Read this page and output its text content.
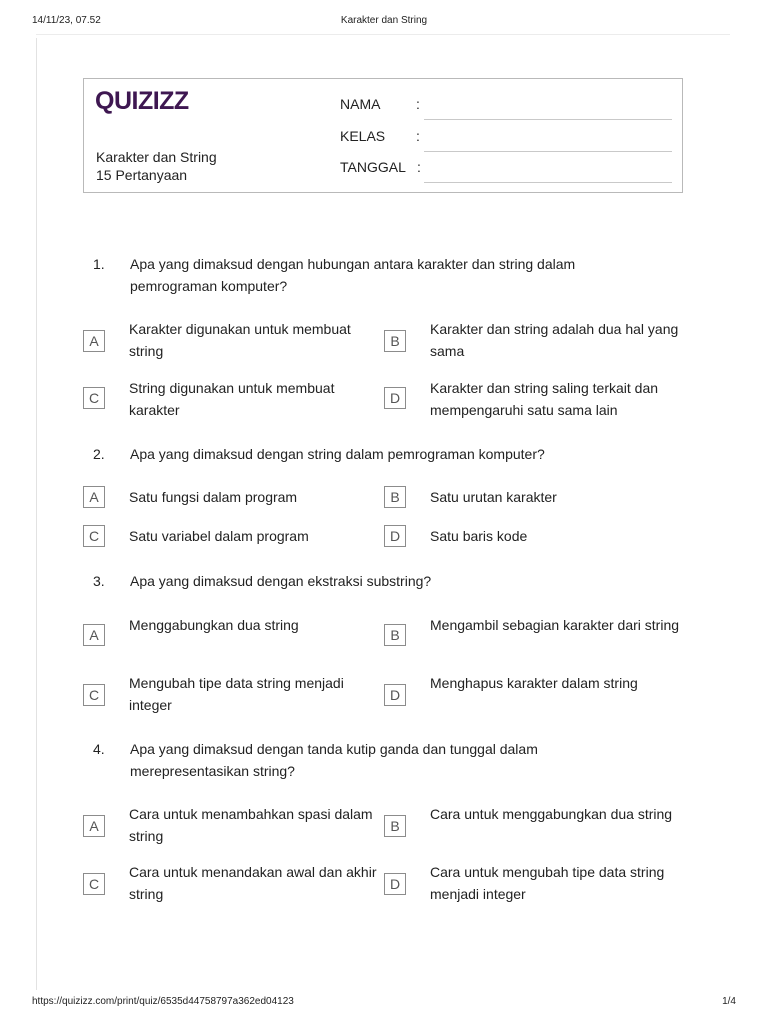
14/11/23, 07.52	Karakter dan String
QUIZIZZ
Karakter dan String
15 Pertanyaan
NAMA	:
KELAS :
TANGGAL :
1. Apa yang dimaksud dengan hubungan antara karakter dan string dalam pemrograman komputer?
A
Karakter digunakan untuk membuat string
B
Karakter dan string adalah dua hal yang sama
C
String digunakan untuk membuat karakter
D
Karakter dan string saling terkait dan mempengaruhi satu sama lain
2. Apa yang dimaksud dengan string dalam pemrograman komputer?
A	Satu fungsi dalam program	B	Satu urutan karakter
C	Satu variabel dalam program	D	Satu baris kode
3. Apa yang dimaksud dengan ekstraksi substring?
A
Menggabungkan dua string
B
Mengambil sebagian karakter dari string
C
Mengubah tipe data string menjadi integer
D
Menghapus karakter dalam string
4. Apa yang dimaksud dengan tanda kutip ganda dan tunggal dalam merepresentasikan string?
A
Cara untuk menambahkan spasi dalam string
B
Cara untuk menggabungkan dua string
C
Cara untuk menandakan awal dan akhir string
D
Cara untuk mengubah tipe data string menjadi integer
https://quizizz.com/print/quiz/6535d44758797a362ed04123	1/4
